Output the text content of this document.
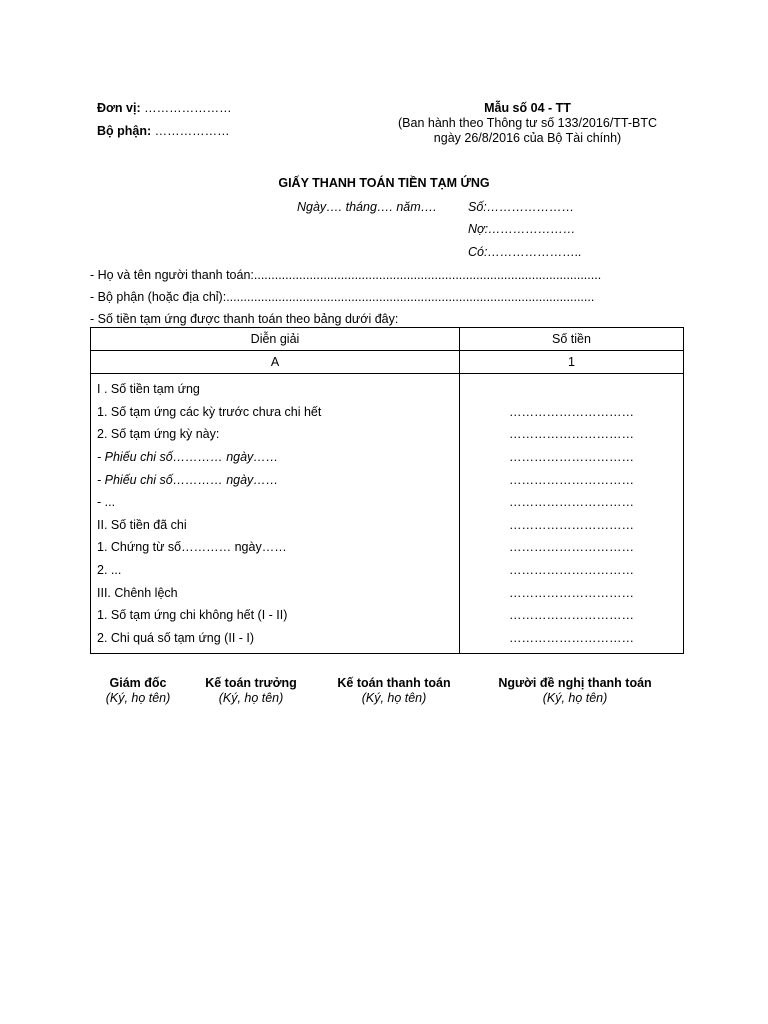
Đơn vị: …………………
Bộ phận: ………………
Mẫu số 04 - TT
(Ban hành theo Thông tư số 133/2016/TT-BTC
ngày 26/8/2016 của Bộ Tài chính)
GIẤY THANH TOÁN TIỀN TẠM ỨNG
Ngày…. tháng…. năm….	Số:…………………
Nợ:…………………
Có:…………………..
- Họ và tên người thanh toán:....................................................................................................
- Bộ phận (hoặc địa chỉ):..........................................................................................................
- Số tiền tạm ứng được thanh toán theo bảng dưới đây:
Diễn giải	Số tiền
A	1
I . Số tiền tạm ứng	
1. Số tạm ứng các kỳ trước chưa chi hết	…………………………
2. Số tạm ứng kỳ này:	…………………………
- Phiếu chi số………… ngày……	…………………………
- Phiếu chi số………… ngày……	…………………………
- ...	…………………………
II. Số tiền đã chi	…………………………
1. Chứng từ số………… ngày……	…………………………
2. ...	…………………………
III. Chênh lệch	…………………………
1. Số tạm ứng chi không hết (I - II)	…………………………
2. Chi quá số tạm ứng (II - I)	…………………………
Giám đốc
(Ký, họ tên)
Kế toán trưởng
(Ký, họ tên)
Kế toán thanh toán
(Ký, họ tên)
Người đề nghị thanh toán
(Ký, họ tên)
